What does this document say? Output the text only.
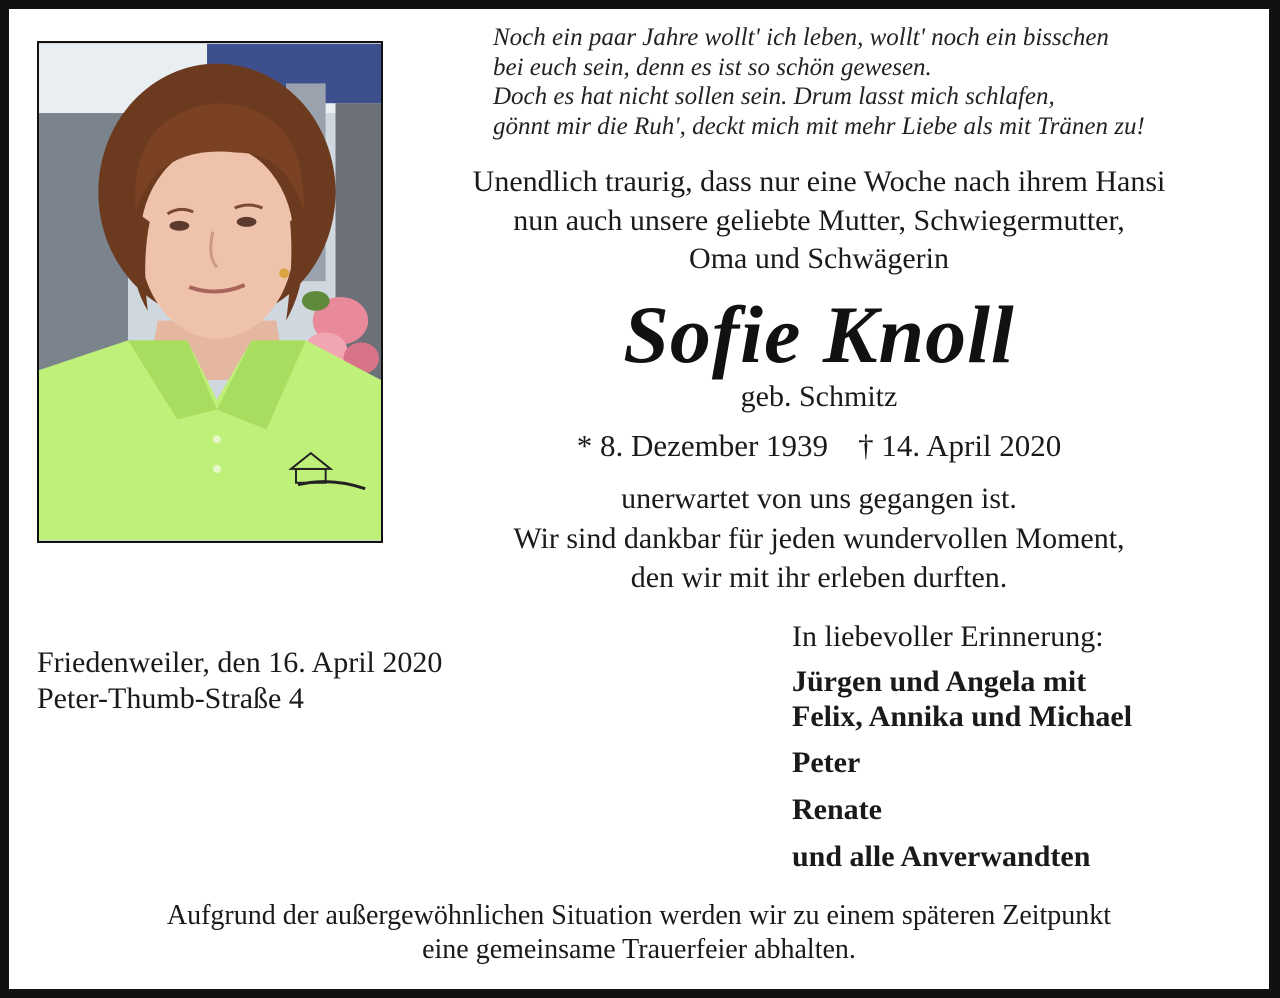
Noch ein paar Jahre wollt' ich leben, wollt' noch ein bisschen
bei euch sein, denn es ist so schön gewesen.
Doch es hat nicht sollen sein. Drum lasst mich schlafen,
gönnt mir die Ruh', deckt mich mit mehr Liebe als mit Tränen zu!
Unendlich traurig, dass nur eine Woche nach ihrem Hansi
nun auch unsere geliebte Mutter, Schwiegermutter,
Oma und Schwägerin
Sofie Knoll
geb. Schmitz
* 8. Dezember 1939 † 14. April 2020
unerwartet von uns gegangen ist.
Wir sind dankbar für jeden wundervollen Moment,
den wir mit ihr erleben durften.
Friedenweiler, den 16. April 2020
Peter-Thumb-Straße 4
In liebevoller Erinnerung:
Jürgen und Angela mit
Felix, Annika und Michael
Peter
Renate
und alle Anverwandten
Aufgrund der außergewöhnlichen Situation werden wir zu einem späteren Zeitpunkt
eine gemeinsame Trauerfeier abhalten.
